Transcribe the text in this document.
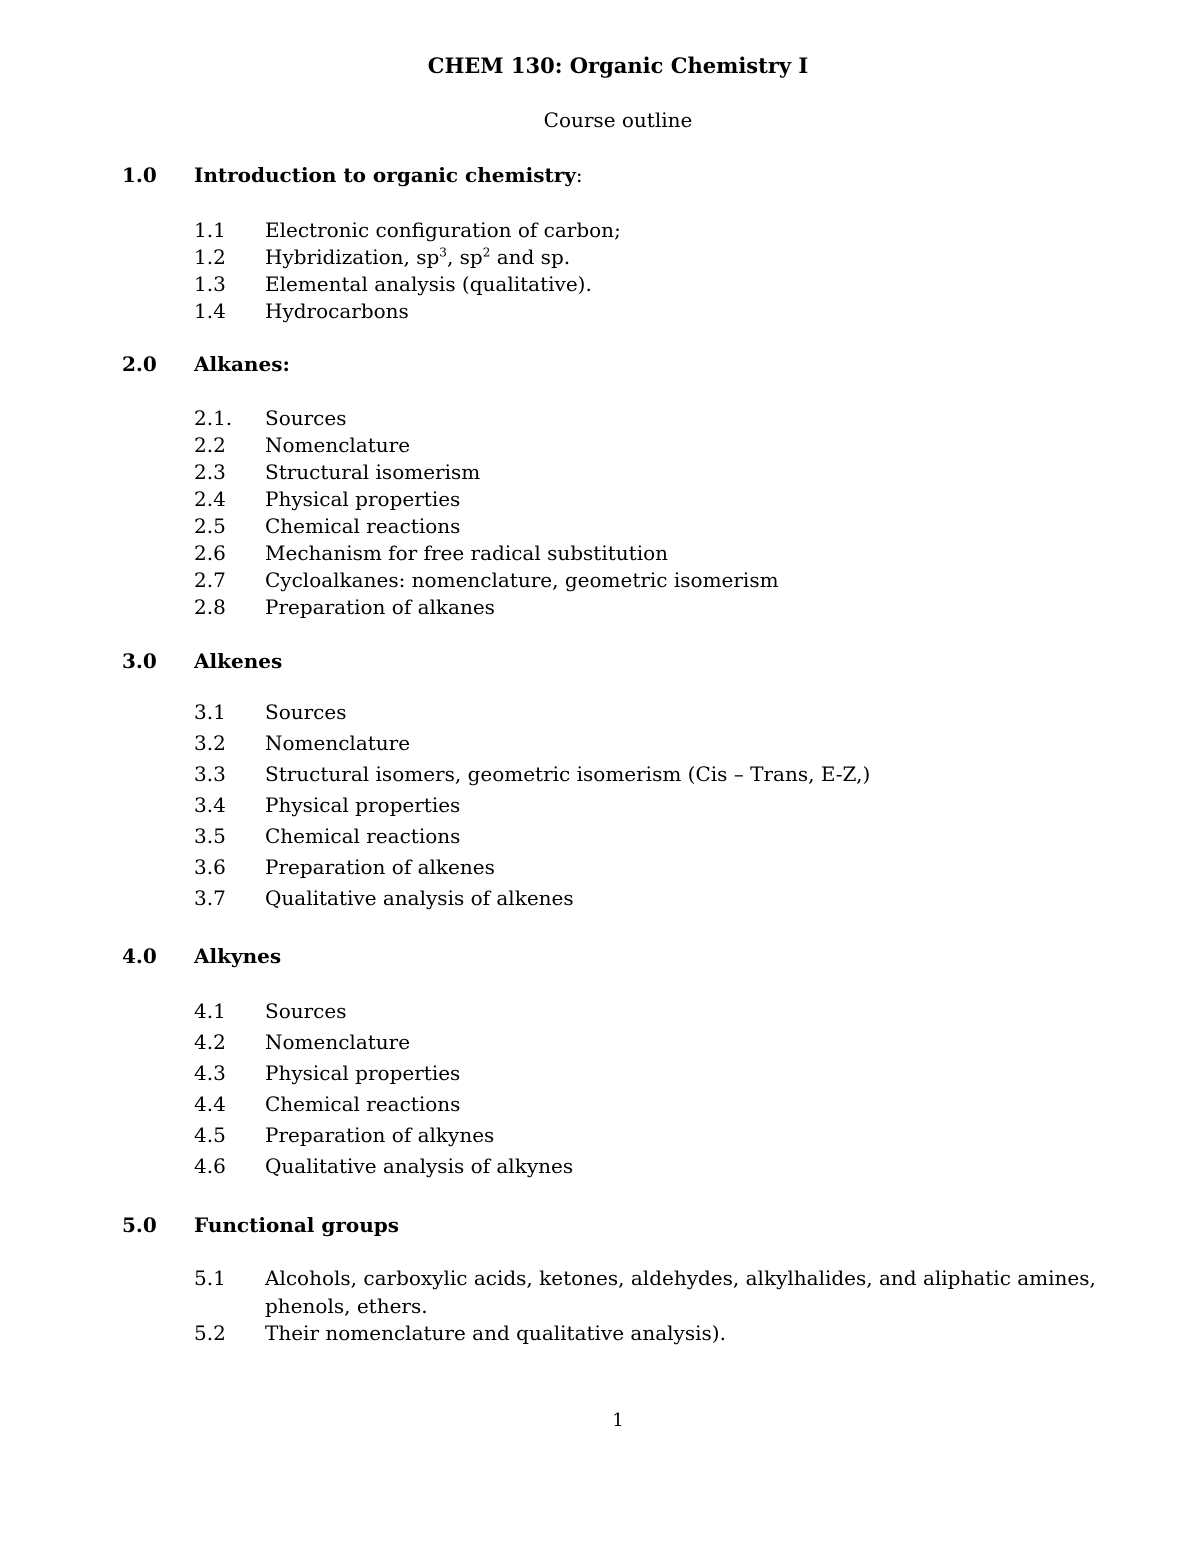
CHEM 130: Organic Chemistry I

Course outline

1.0 Introduction to organic chemistry:
1.1 Electronic configuration of carbon;
1.2 Hybridization, $sp^3$, $sp^2$ and sp.
1.3 Elemental analysis (qualitative).
1.4 Hydrocarbons
2.0 Alkanes:
2.1. Sources
2.2 Nomenclature
2.3 Structural isomerism
2.4 Physical properties
2.5 Chemical reactions
2.6 Mechanism for free radical substitution
2.7 Cycloalkanes: nomenclature, geometric isomerism
2.8 Preparation of alkanes
3.0 Alkenes
3.1 Sources
3.2 Nomenclature
3.3 Structural isomers, geometric isomerism (Cis – Trans, E-Z,)
3.4 Physical properties
3.5 Chemical reactions
3.6 Preparation of alkenes
3.7 Qualitative analysis of alkenes
4.0 Alkynes
4.1 Sources
4.2 Nomenclature
4.3 Physical properties
4.4 Chemical reactions
4.5 Preparation of alkynes
4.6 Qualitative analysis of alkynes
5.0 Functional groups
5.1 Alcohols, carboxylic acids, ketones, aldehydes, alkylhalides, and aliphatic amines,
phenols, ethers.
5.2 Their nomenclature and qualitative analysis).
1
